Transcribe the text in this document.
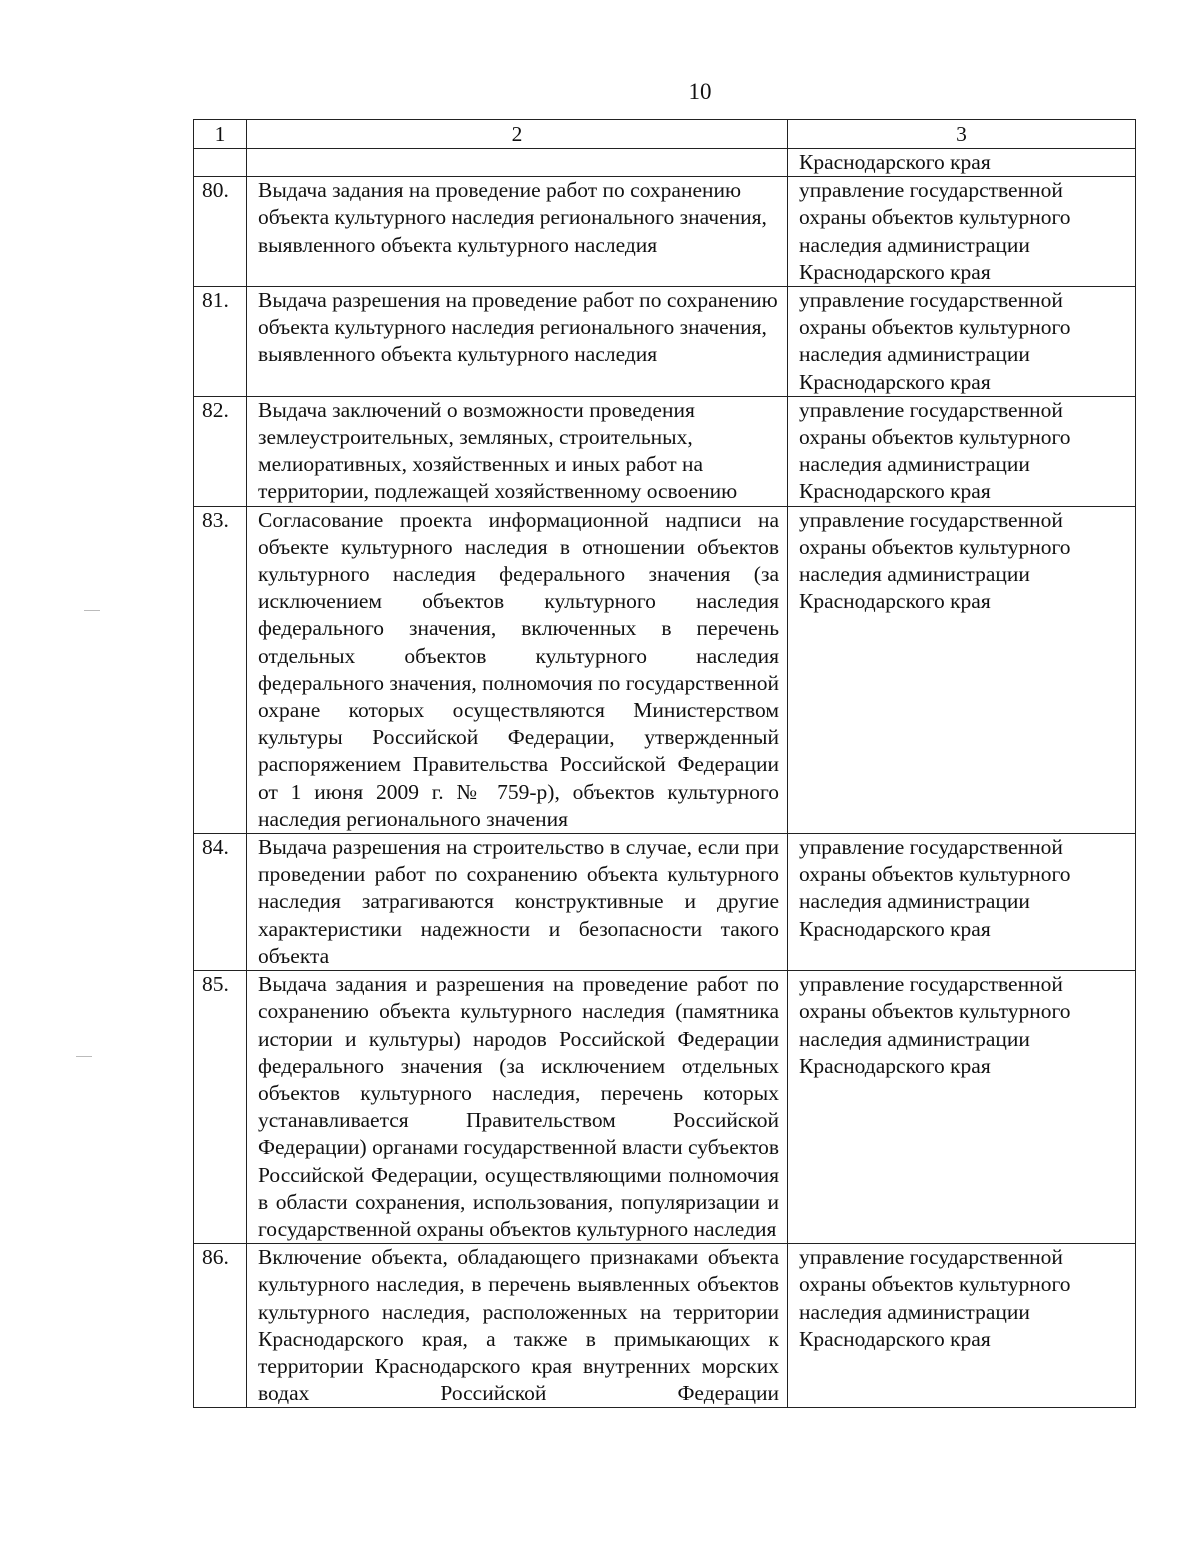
10
1	2	3
		Краснодарского края
80.	Выдача задания на проведение работ по сохранению объекта культурного наследия регионального значения, выявленного объекта культурного наследия	управление государственной охраны объектов культурного наследия администрации Краснодарского края
81.	Выдача разрешения на проведение работ по сохранению объекта культурного наследия регионального значения, выявленного объекта культурного наследия	управление государственной охраны объектов культурного наследия администрации Краснодарского края
82.	Выдача заключений о возможности проведения землеустроительных, земляных, строительных, мелиоративных, хозяйственных и иных работ на территории, подлежащей хозяйственному освоению	управление государственной охраны объектов культурного наследия администрации Краснодарского края
83.	Согласование проекта информационной надписи на объекте культурного наследия в отношении объектов культурного наследия федерального значения (за исключением объектов культурного наследия федерального значения, включенных в перечень отдельных объектов культурного наследия федерального значения, полномочия по государственной охране которых осуществляются Министерством культуры Российской Федерации, утвержденный распоряжением Правительства Российской Федерации от 1 июня 2009 г. № 759-р), объектов культурного наследия регионального значения	управление государственной охраны объектов культурного наследия администрации Краснодарского края
84.	Выдача разрешения на строительство в случае, если при проведении работ по сохранению объекта культурного наследия затрагиваются конструктивные и другие характеристики надежности и безопасности такого объекта	управление государственной охраны объектов культурного наследия администрации Краснодарского края
85.	Выдача задания и разрешения на проведение работ по сохранению объекта культурного наследия (памятника истории и культуры) народов Российской Федерации федерального значения (за исключением отдельных объектов культурного наследия, перечень которых устанавливается Правительством Российской Федерации) органами государственной власти субъектов Российской Федерации, осуществляющими полномочия в области сохранения, использования, популяризации и государственной охраны объектов культурного наследия	управление государственной охраны объектов культурного наследия администрации Краснодарского края
86.	Включение объекта, обладающего признаками объекта культурного наследия, в перечень выявленных объектов культурного наследия, расположенных на территории Краснодарского края, а также в примыкающих к территории Краснодарского края внутренних морских водах Российской Федерации	управление государственной охраны объектов культурного наследия администрации Краснодарского края
